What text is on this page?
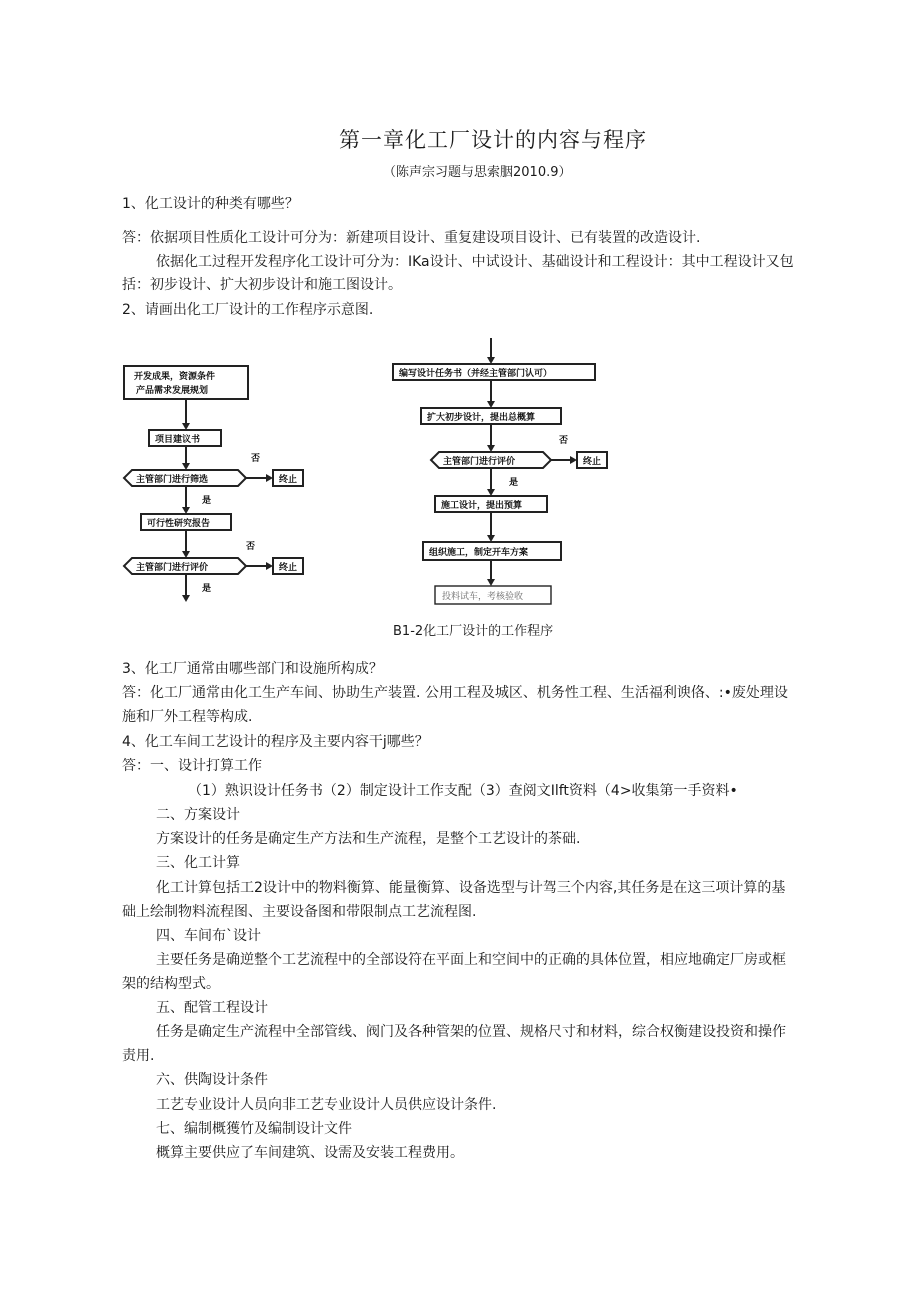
第一章化工厂设计的内容与程序
（陈声宗习题与思索胭2010.9）
1、化工设计的种类有哪些？
答：依据项目性质化工设计可分为：新建项目设计、重复建设项目设计、已有装置的改造设计.
依据化工过程开发程序化工设计可分为：IKa设计、中试设计、基础设计和工程设计：其中工程设计又包
括：初步设计、扩大初步设计和施工图设计。
2、请画出化工厂设计的工作程序示意图.
开发成果，资源条件
产品需求发展规划
项目建议书
主管部门进行筛选	终止
否
是
可行性研究报告
主管部门进行评价	终止
否
是
编写设计任务书（并经主管部门认可）
扩大初步设计，提出总概算
主管部门进行评价	终止
否
是
施工设计，提出预算
组织施工，制定开车方案
投料试车，考核验收
B1-2化工厂设计的工作程序
3、化工厂通常由哪些部门和设施所构成？
答：化工厂通常由化工生产车间、协助生产装置. 公用工程及城区、机务性工程、生活福利谀佫、:•废处理设
施和厂外工程等构成.
4、化工车间工艺设计的程序及主要内容干j哪些？
答：一、设计打算工作
（1）熟识设计任务书（2）制定设计工作支配（3）查阅文Ilft资料（4>收集第一手资料•
二、方案设计
方案设计的任务是确定生产方法和生产流程，是整个工艺设计的茶础.
三、化工计算
化工计算包括工2设计中的物料衡算、能量衡算、设备选型与计驾三个内容,其任务是在这三项计算的基
础上绘制物料流程图、主要设备图和带限制点工艺流程图.
四、车间布`设计
主要任务是确逆整个工艺流程中的全部设符在平面上和空间中的正确的具体位置，相应地确定厂房或框
架的结构型式。
五、配管工程设计
任务是确定生产流程中全部管线、阀门及各种管架的位置、规格尺寸和材料，综合权衡建设投资和操作
责用.
六、供陶设计条件
工艺专业设计人员向非工艺专业设计人员供应设计条件.
七、编制概獲竹及编制设计文件
概算主要供应了车间建筑、设需及安装工程费用。
